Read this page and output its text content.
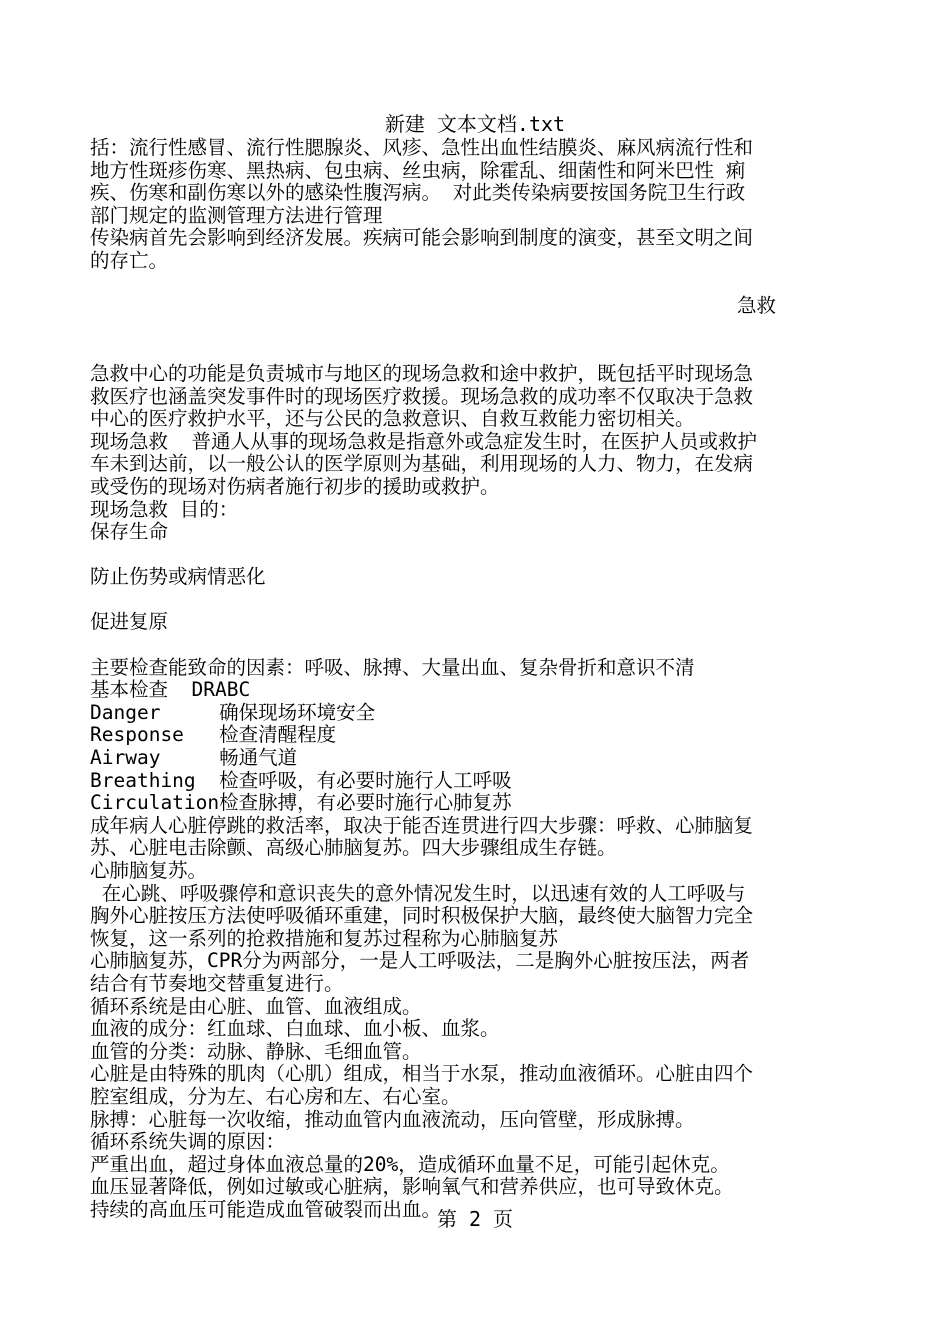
新建 文本文档.txt
括：流行性感冒、流行性腮腺炎、风疹、急性出血性结膜炎、麻风病流行性和
地方性斑疹伤寒、黑热病、包虫病、丝虫病，除霍乱、细菌性和阿米巴性 痢
疾、伤寒和副伤寒以外的感染性腹泻病。 对此类传染病要按国务院卫生行政
部门规定的监测管理方法进行管理
传染病首先会影响到经济发展。疾病可能会影响到制度的演变，甚至文明之间
的存亡。
急救
急救中心的功能是负责城市与地区的现场急救和途中救护，既包括平时现场急
救医疗也涵盖突发事件时的现场医疗救援。现场急救的成功率不仅取决于急救
中心的医疗救护水平，还与公民的急救意识、自救互救能力密切相关。
现场急救  普通人从事的现场急救是指意外或急症发生时，在医护人员或救护
车未到达前，以一般公认的医学原则为基础，利用现场的人力、物力，在发病
或受伤的现场对伤病者施行初步的援助或救护。
现场急救 目的：
保存生命
防止伤势或病情恶化
促进复原
主要检查能致命的因素：呼吸、脉搏、大量出血、复杂骨折和意识不清
基本检查  DRABC
Danger     确保现场环境安全
Response   检查清醒程度
Airway     畅通气道
Breathing  检查呼吸，有必要时施行人工呼吸
Circulation检查脉搏，有必要时施行心肺复苏
成年病人心脏停跳的救活率，取决于能否连贯进行四大步骤：呼救、心肺脑复
苏、心脏电击除颤、高级心肺脑复苏。四大步骤组成生存链。
心肺脑复苏。
在心跳、呼吸骤停和意识丧失的意外情况发生时，以迅速有效的人工呼吸与
胸外心脏按压方法使呼吸循环重建，同时积极保护大脑，最终使大脑智力完全
恢复，这一系列的抢救措施和复苏过程称为心肺脑复苏
心肺脑复苏，CPR分为两部分，一是人工呼吸法，二是胸外心脏按压法，两者
结合有节奏地交替重复进行。
循环系统是由心脏、血管、血液组成。
血液的成分：红血球、白血球、血小板、血浆。
血管的分类：动脉、静脉、毛细血管。
心脏是由特殊的肌肉（心肌）组成，相当于水泵，推动血液循环。心脏由四个
腔室组成，分为左、右心房和左、右心室。
脉搏：心脏每一次收缩，推动血管内血液流动，压向管壁，形成脉搏。
循环系统失调的原因：
严重出血，超过身体血液总量的20%，造成循环血量不足，可能引起休克。
血压显著降低，例如过敏或心脏病，影响氧气和营养供应，也可导致休克。
持续的高血压可能造成血管破裂而出血。
第 2 页
